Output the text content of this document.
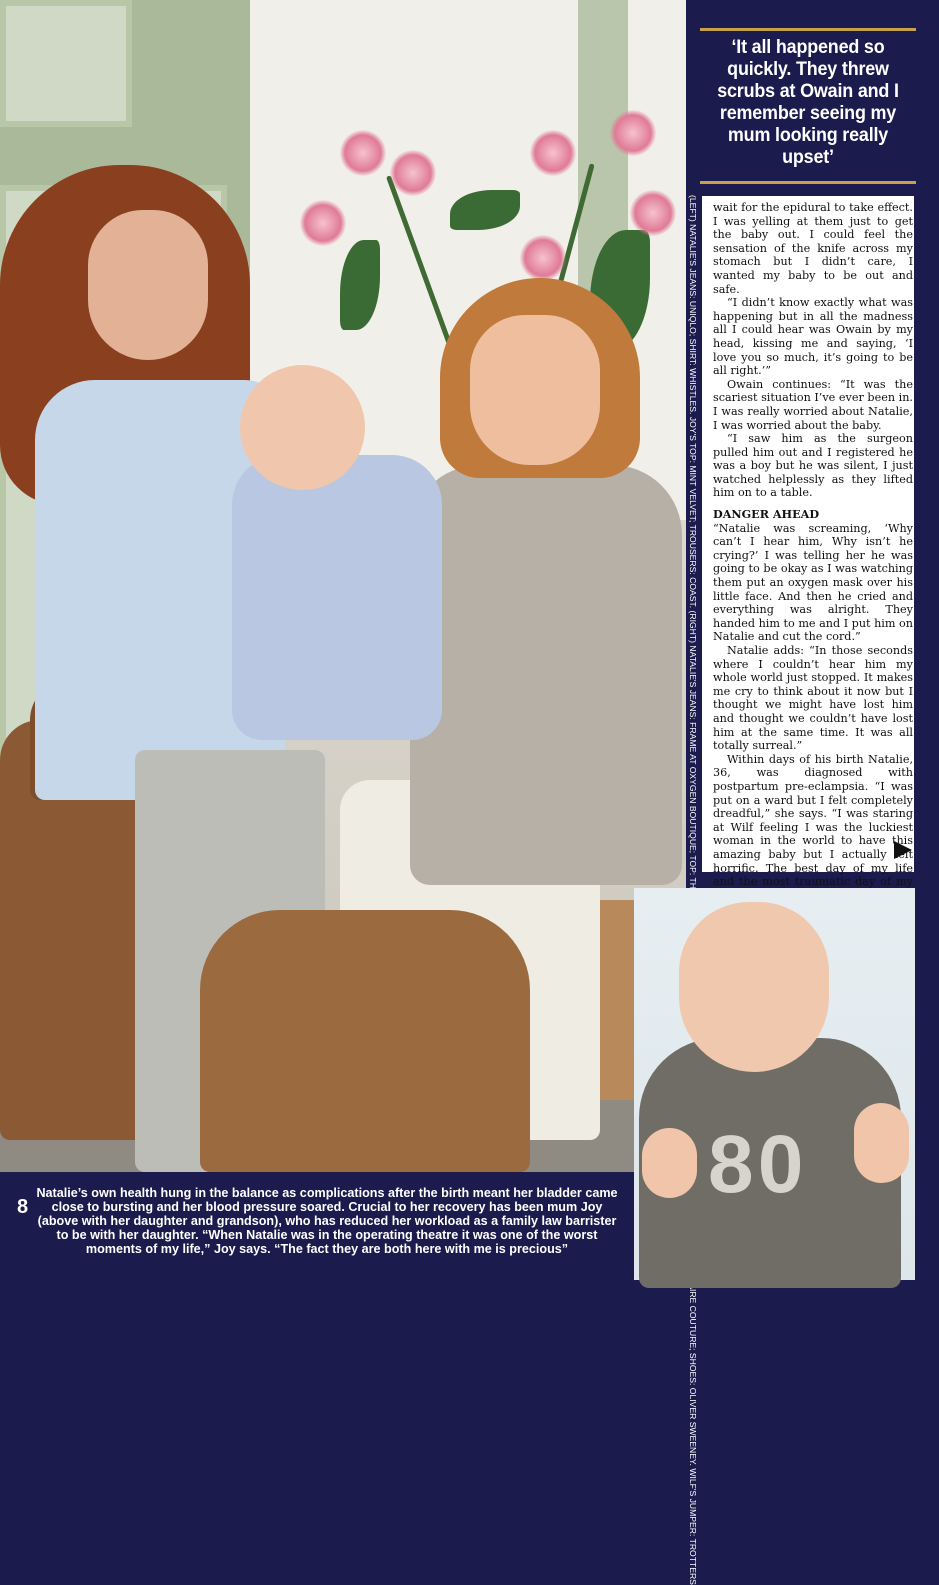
‘It all happened so quickly. They threw scrubs at Owain and I remember seeing my mum looking really upset’

wait for the epidural to take effect. I was yelling at them just to get the baby out. I could feel the sensation of the knife across my stomach but I didn’t care, I wanted my baby to be out and safe.

“I didn’t know exactly what was happening but in all the madness all I could hear was Owain by my head, kissing me and saying, ‘I love you so much, it’s going to be all right.’”

Owain continues: “It was the scariest situation I’ve ever been in. I was really worried about Natalie, I was worried about the baby.

“I saw him as the surgeon pulled him out and I registered he was a boy but he was silent, I just watched helplessly as they lifted him on to a table.

DANGER AHEAD

“Natalie was screaming, ‘Why can’t I hear him, Why isn’t he crying?’ I was telling her he was going to be okay as I was watching them put an oxygen mask over his little face. And then he cried and everything was alright. They handed him to me and I put him on Natalie and cut the cord.”

Natalie adds: “In those seconds where I couldn’t hear him my whole world just stopped. It makes me cry to think about it now but I thought we might have lost him and thought we couldn’t have lost him at the same time. It was all totally surreal.”

Within days of his birth Natalie, 36, was diagnosed with postpartum pre-eclampsia. “I was put on a ward but I felt completely dreadful,” she says. “I was staring at Wilf feeling I was the luckiest woman in the world to have this amazing baby but I actually felt horrific. The best day of my life and the most traumatic day of my

08
8
Natalie’s own health hung in the balance as complications after the birth meant her bladder came close to bursting and her blood pressure soared. Crucial to her recovery has been mum Joy (above with her daughter and grandson), who has reduced her workload as a family law barrister to be with her daughter. “When Natalie was in the operating theatre it was one of the worst moments of my life,” Joy says. “The fact they are both here with me is precious”
